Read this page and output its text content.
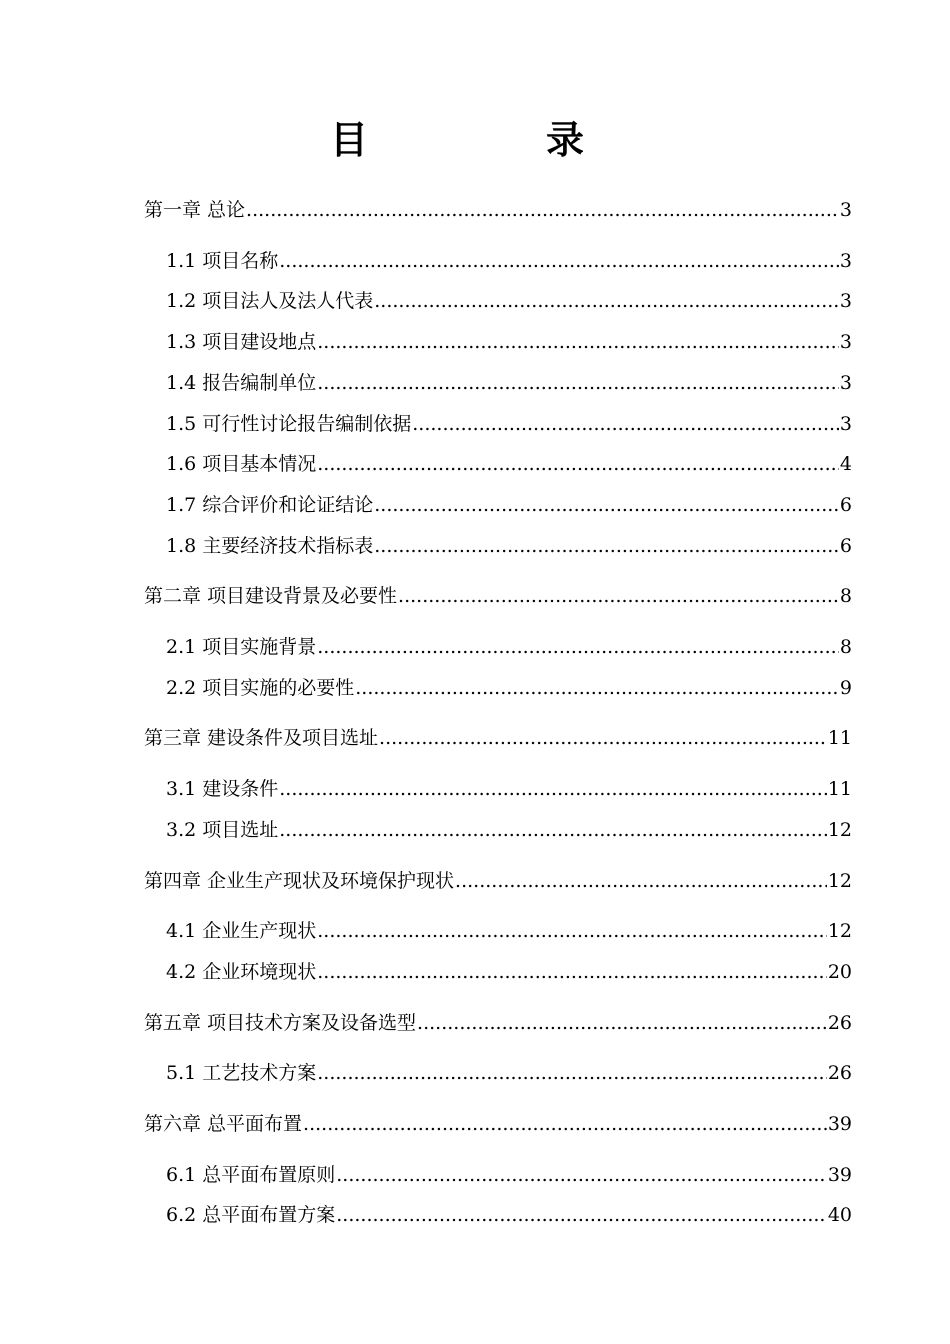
目　录
第一章 总论 .....	3
1.1 项目名称 .....	3
1.2 项目法人及法人代表 .....	3
1.3 项目建设地点 .....	3
1.4 报告编制单位 .....	3
1.5 可行性讨论报告编制依据 .....	3
1.6 项目基本情况 .....	4
1.7 综合评价和论证结论 .....	6
1.8 主要经济技术指标表 .....	6
第二章 项目建设背景及必要性 .....	8
2.1 项目实施背景 .....	8
2.2 项目实施的必要性 .....	9
第三章 建设条件及项目选址 .....	11
3.1 建设条件 .....	11
3.2 项目选址 .....	12
第四章 企业生产现状及环境保护现状 .....	12
4.1 企业生产现状 .....	12
4.2 企业环境现状 .....	20
第五章 项目技术方案及设备选型 .....	26
5.1 工艺技术方案 .....	26
第六章 总平面布置 .....	39
6.1 总平面布置原则 .....	39
6.2 总平面布置方案 .....	40
